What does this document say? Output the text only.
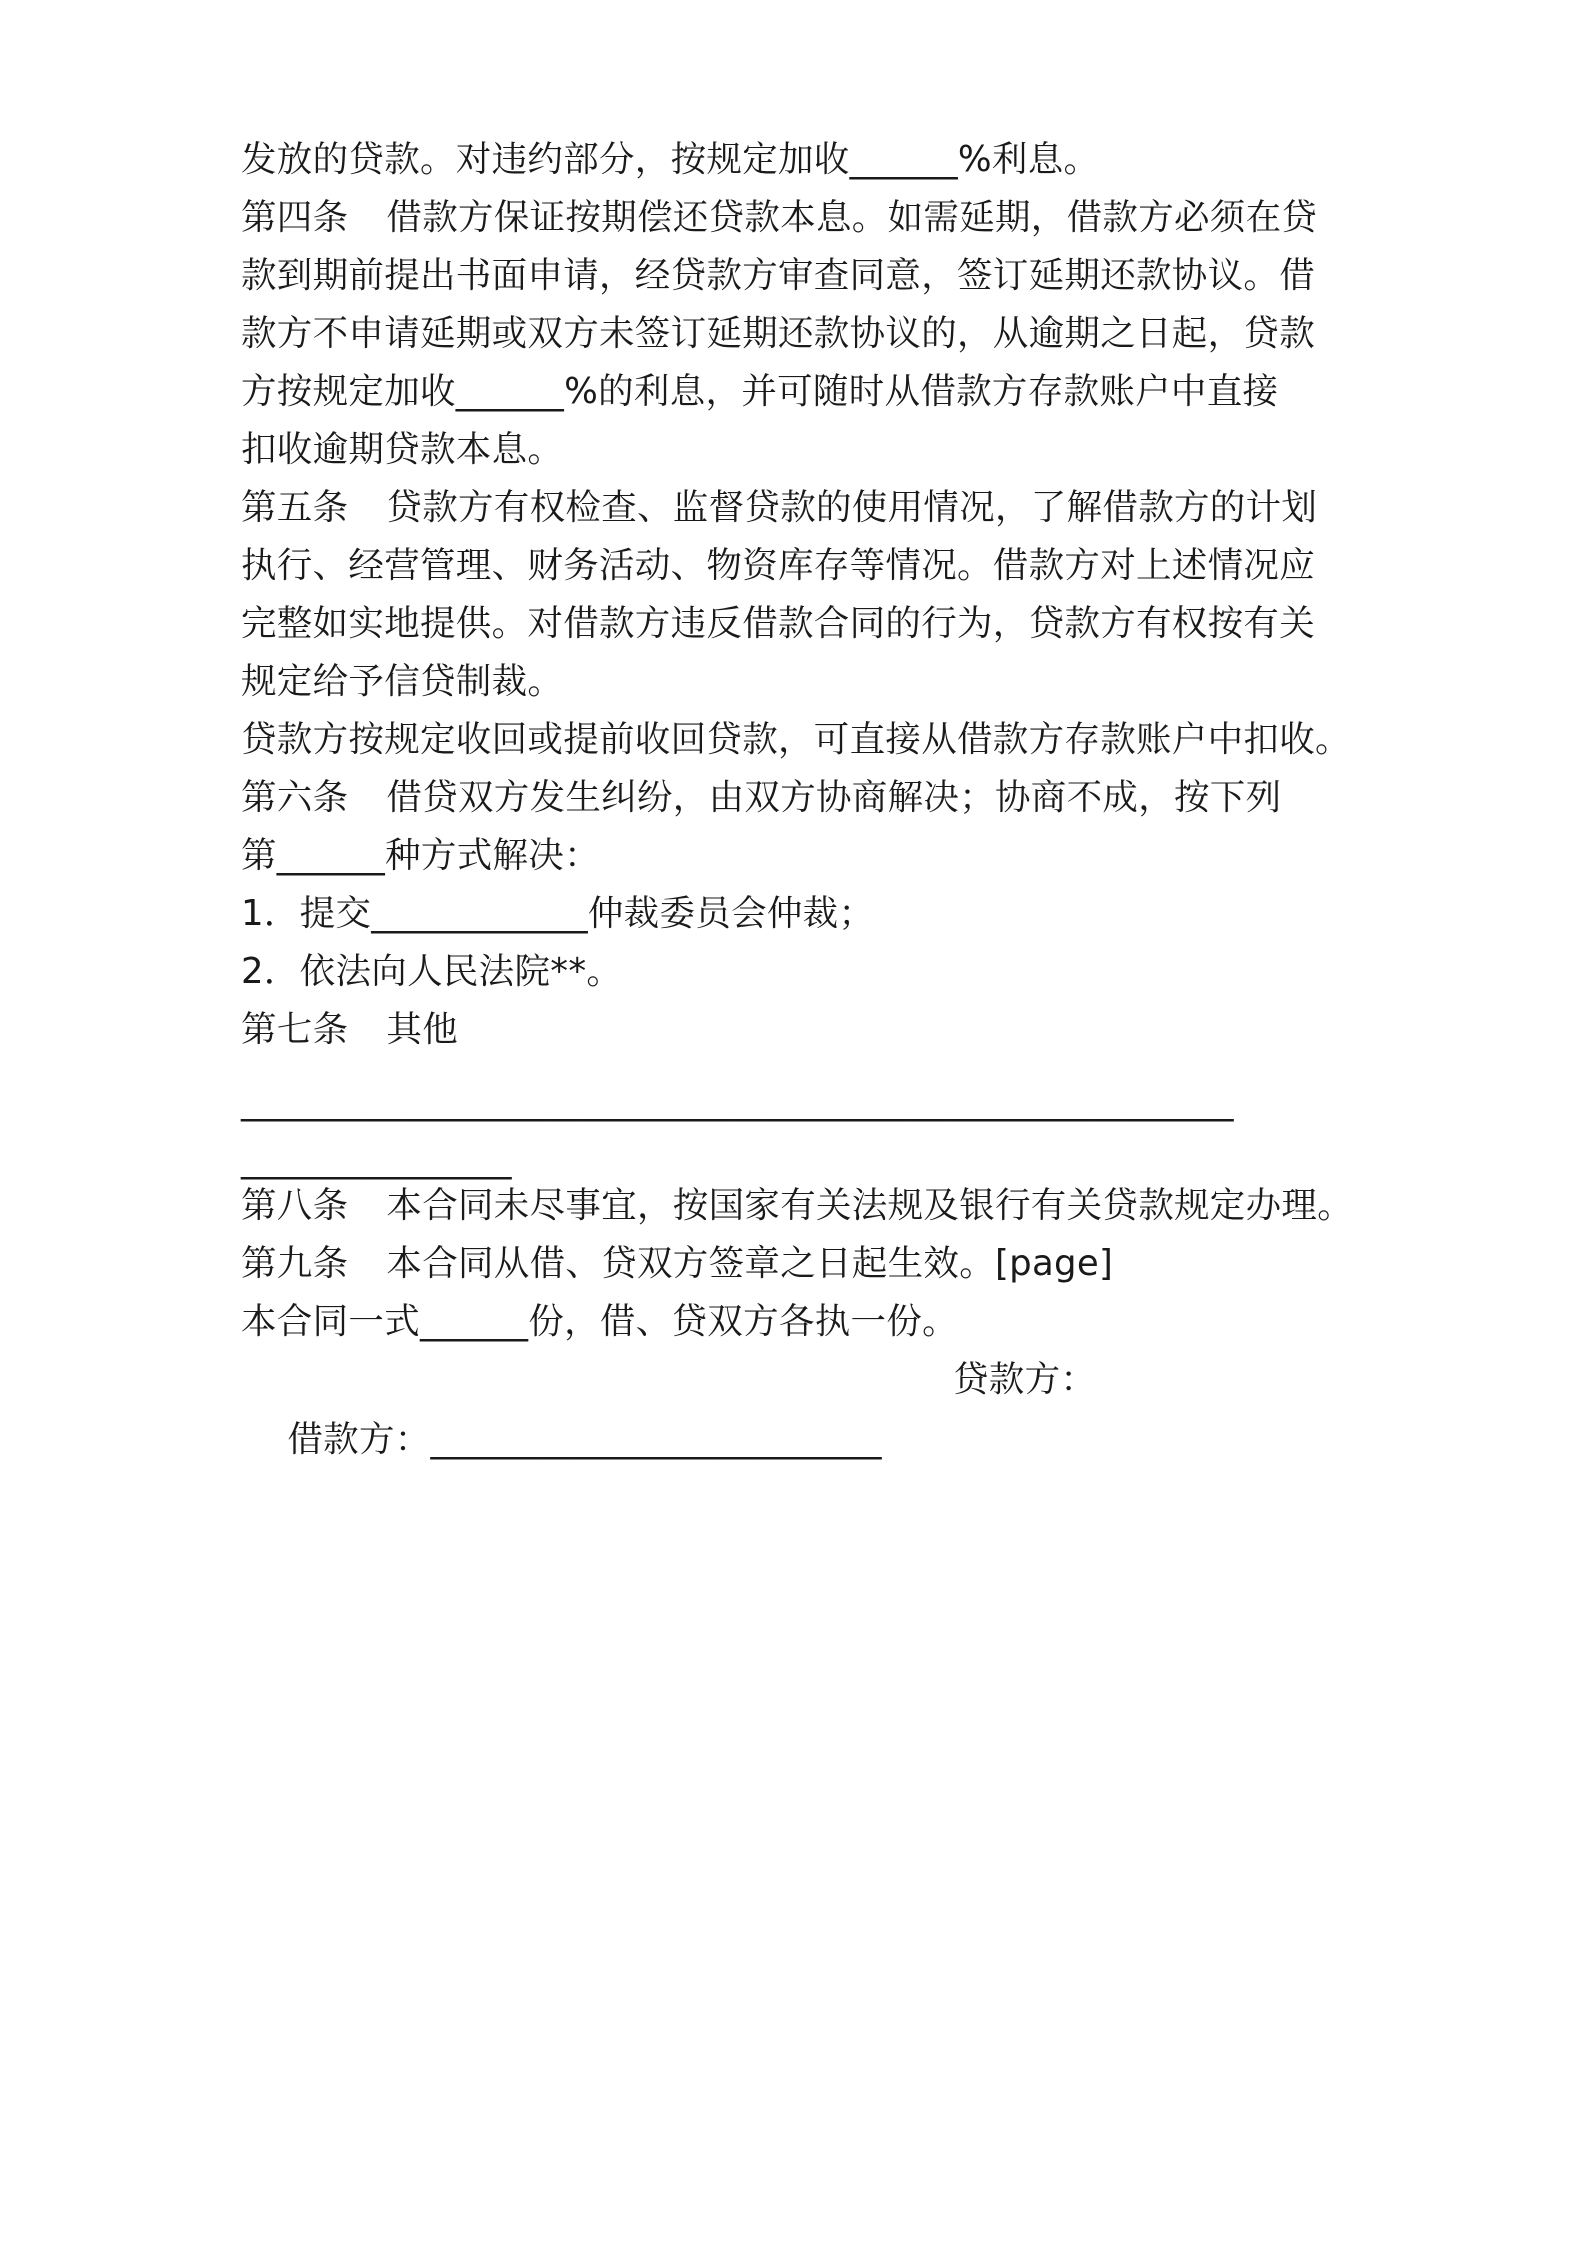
发放的贷款。对违约部分，按规定加收______%利息。

第四条 借款方保证按期偿还贷款本息。如需延期，借款方必须在贷

款到期前提出书面申请，经贷款方审查同意，签订延期还款协议。借

款方不申请延期或双方未签订延期还款协议的，从逾期之日起，贷款

方按规定加收______%的利息，并可随时从借款方存款账户中直接

扣收逾期贷款本息。

第五条 贷款方有权检查、监督贷款的使用情况，了解借款方的计划

执行、经营管理、财务活动、物资库存等情况。借款方对上述情况应

完整如实地提供。对借款方违反借款合同的行为，贷款方有权按有关

规定给予信贷制裁。

贷款方按规定收回或提前收回贷款，可直接从借款方存款账户中扣收。

第六条 借贷双方发生纠纷，由双方协商解决；协商不成，按下列

第______种方式解决：

1．提交____________仲裁委员会仲裁；

2．依法向人民法院**。

第七条 其他

_______________________________________________________

_______________

第八条 本合同未尽事宜，按国家有关法规及银行有关贷款规定办理。

第九条 本合同从借、贷双方签章之日起生效。[page]

本合同一式______份，借、贷双方各执一份。

借款方：_________________________

贷款方：
